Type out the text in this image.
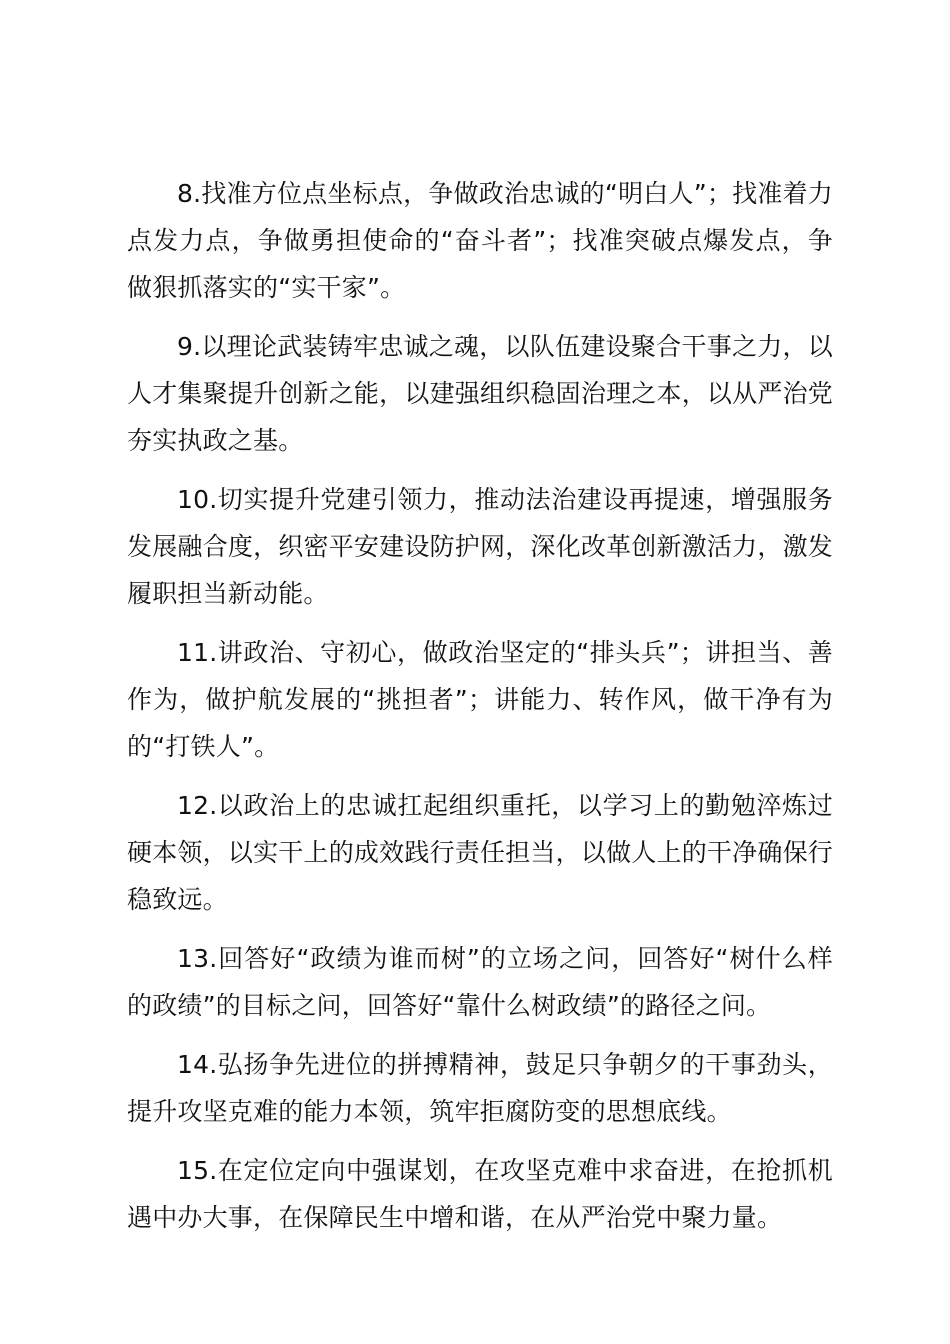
8.找准方位点坐标点，争做政治忠诚的“明白人”；找准着力点发力点，争做勇担使命的“奋斗者”；找准突破点爆发点，争做狠抓落实的“实干家”。

9.以理论武装铸牢忠诚之魂，以队伍建设聚合干事之力，以人才集聚提升创新之能，以建强组织稳固治理之本，以从严治党夯实执政之基。

10.切实提升党建引领力，推动法治建设再提速，增强服务发展融合度，织密平安建设防护网，深化改革创新激活力，激发履职担当新动能。

11.讲政治、守初心，做政治坚定的“排头兵”；讲担当、善作为，做护航发展的“挑担者”；讲能力、转作风，做干净有为的“打铁人”。

12.以政治上的忠诚扛起组织重托，以学习上的勤勉淬炼过硬本领，以实干上的成效践行责任担当，以做人上的干净确保行稳致远。

13.回答好“政绩为谁而树”的立场之问，回答好“树什么样的政绩”的目标之问，回答好“靠什么树政绩”的路径之问。

14.弘扬争先进位的拼搏精神，鼓足只争朝夕的干事劲头，提升攻坚克难的能力本领，筑牢拒腐防变的思想底线。

15.在定位定向中强谋划，在攻坚克难中求奋进，在抢抓机遇中办大事，在保障民生中增和谐，在从严治党中聚力量。
